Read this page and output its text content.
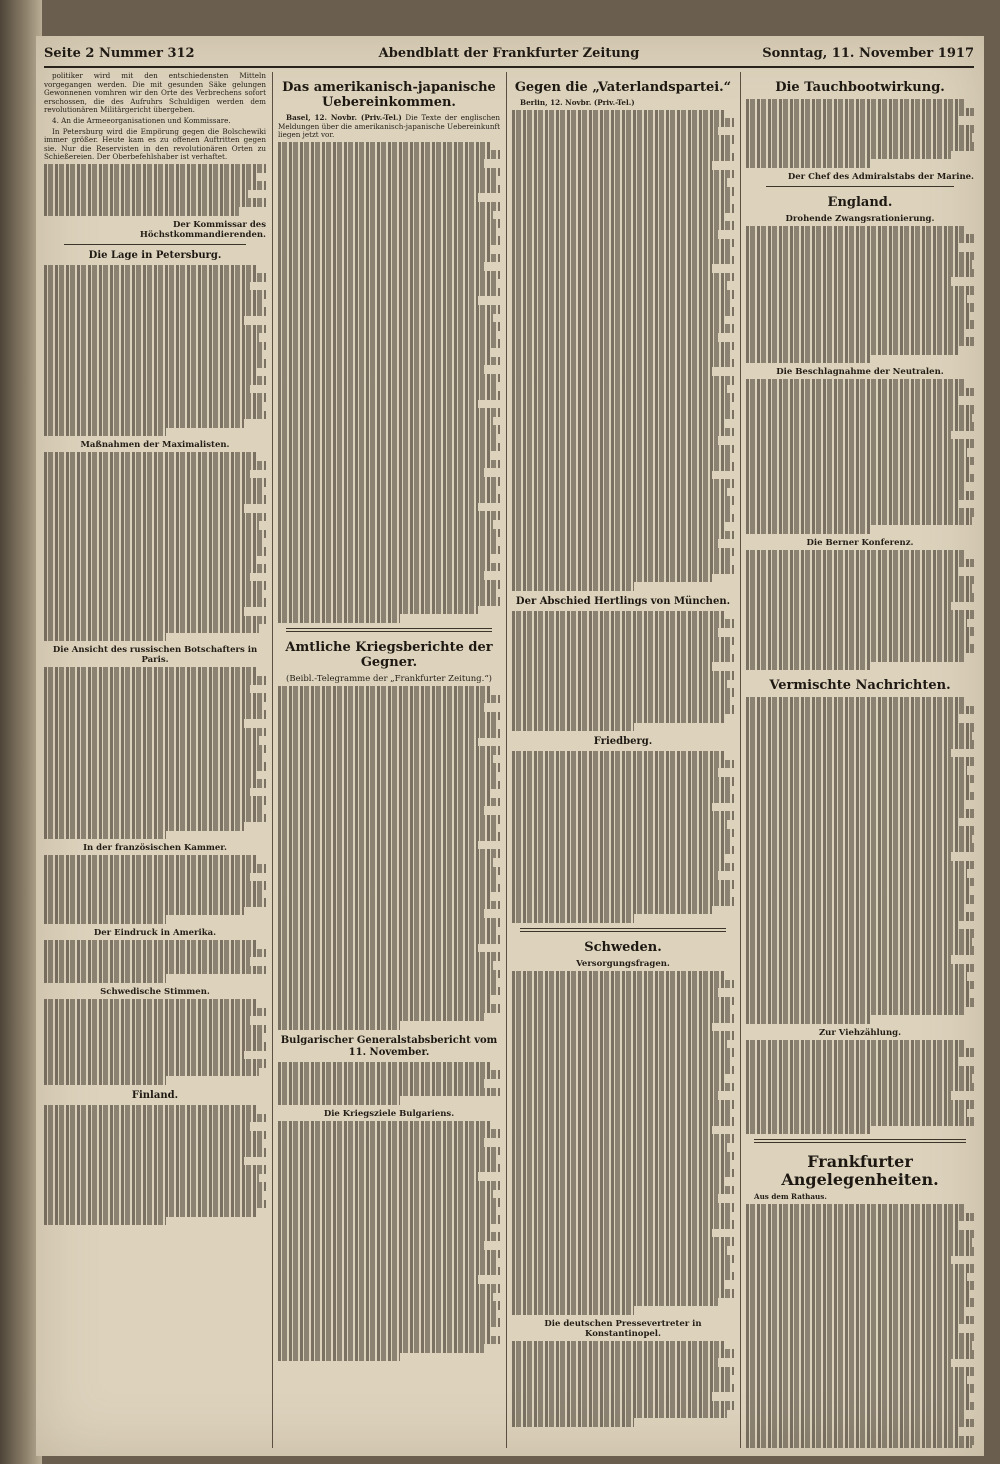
Seite 2 Nummer 312	Abendblatt der Frankfurter Zeitung	Sonntag, 11. November 1917

politiker wird mit den entschiedensten Mitteln vorgegangen werden. Die mit gesunden Säke gelungen Gewonnenen vomhren wir den Orte des Verbrechens sofort erschossen, die des Aufruhrs Schuldigen werden dem revolutionären Militärgericht übergeben.

4. An die Armeeorganisationen und Kommissare.

In Petersburg wird die Empörung gegen die Bolschewiki immer größer. Heute kam es zu offenen Auftritten gegen sie. Nur die Reservisten in den revolutionären Orten zu Schießereien. Der Oberbefehlshaber ist verhaftet.

Der Kommissar des Höchstkommandierenden.

Die Lage in Petersburg.
Maßnahmen der Maximalisten.
Die Ansicht des russischen Botschafters in Paris.
In der französischen Kammer.
Der Eindruck in Amerika.
Schwedische Stimmen.
Finland.
Das amerikanisch-japanische Uebereinkommen.

Basel, 12. Novbr. (Priv.-Tel.) Die Texte der englischen Meldungen über die amerikanisch-japanische Uebereinkunft liegen jetzt vor.

Amtliche Kriegsberichte der Gegner.
(Beibl.-Telegramme der „Frankfurter Zeitung.“)
Bulgarischer Generalstabsbericht vom 11. November.
Die Kriegsziele Bulgariens.
Gegen die „Vaterlandspartei.“

Berlin, 12. Novbr. (Priv.-Tel.)

Der Abschied Hertlings von München.
Friedberg.
Schweden.
Versorgungsfragen.
Die deutschen Pressevertreter in Konstantinopel.
Die Tauchbootwirkung.

Der Chef des Admiralstabs der Marine.

England.
Drohende Zwangsrationierung.
Die Beschlagnahme der Neutralen.
Die Berner Konferenz.
Vermischte Nachrichten.
Zur Viehzählung.
Frankfurter Angelegenheiten.

Aus dem Rathaus.
